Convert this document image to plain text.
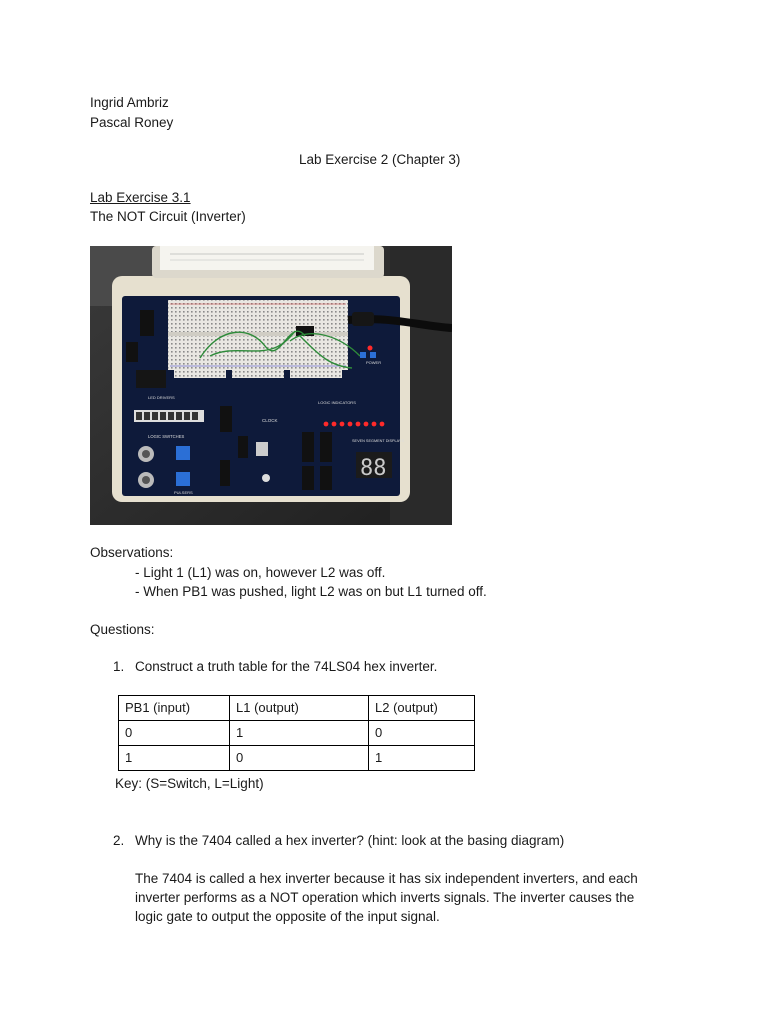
Ingrid Ambriz
Pascal Roney
Lab Exercise 2 (Chapter 3)
Lab Exercise 3.1
The NOT Circuit (Inverter)
LED DRIVERS
LOGIC SWITCHES
PULSERS
CLOCK
LOGIC INDICATORS
SEVEN SEGMENT DISPLAYS
88
POWER
Observations:
- Light 1 (L1) was on, however L2 was off.
- When PB1 was pushed, light L2 was on but L1 turned off.
Questions:
1. Construct a truth table for the 74LS04 hex inverter.
PB1 (input)	L1 (output)	L2 (output)
0	1	0
1	0	1
Key: (S=Switch, L=Light)
2. Why is the 7404 called a hex inverter? (hint: look at the basing diagram)
The 7404 is called a hex inverter because it has six independent inverters, and each
inverter performs as a NOT operation which inverts signals. The inverter causes the
logic gate to output the opposite of the input signal.
